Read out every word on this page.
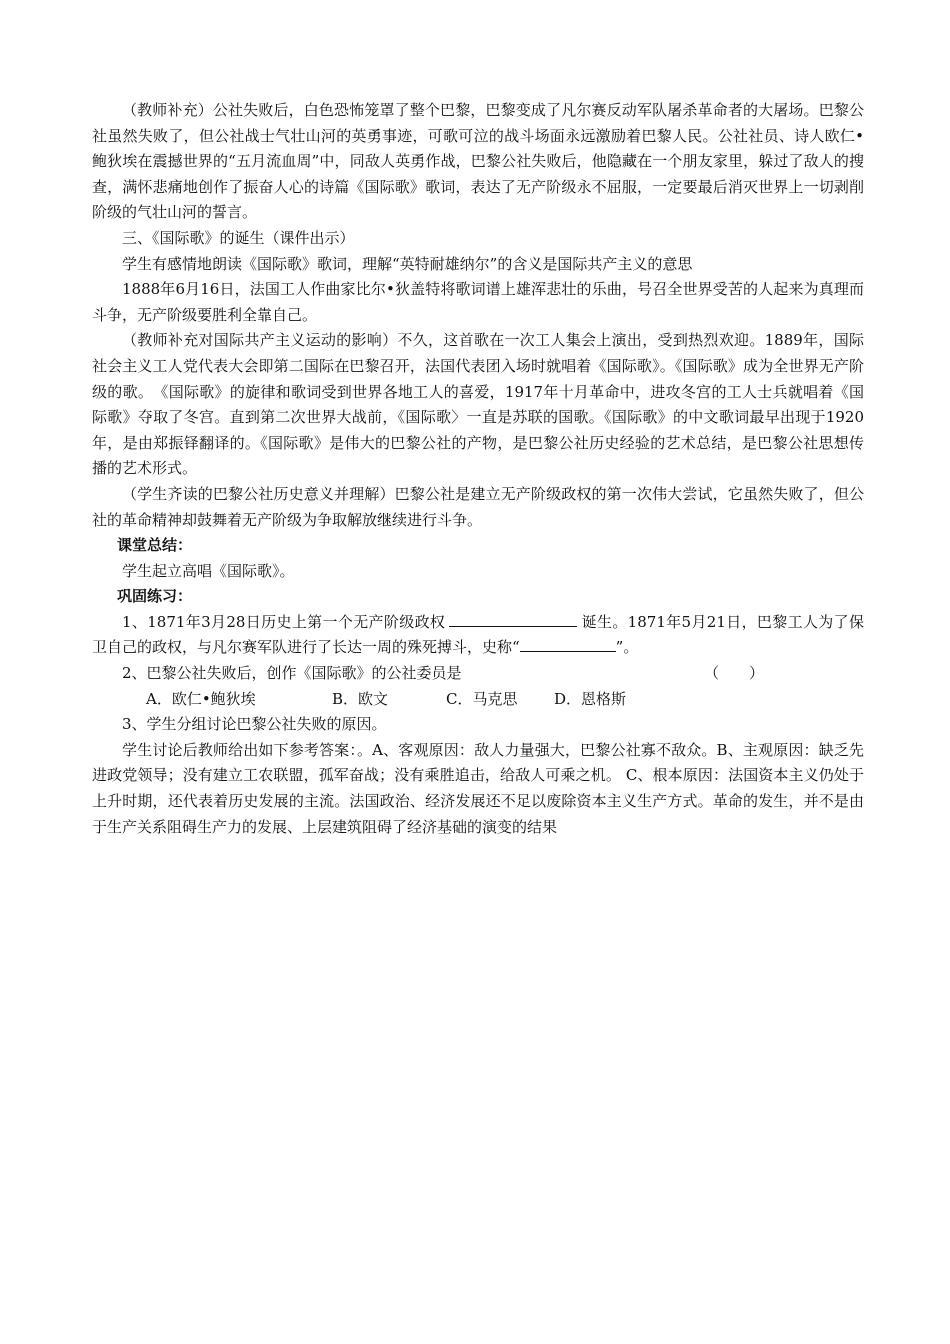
（教师补充）公社失败后，白色恐怖笼罩了整个巴黎，巴黎变成了凡尔赛反动军队屠杀革命者的大屠场。巴黎公社虽然失败了，但公社战士气壮山河的英勇事迹，可歌可泣的战斗场面永远激励着巴黎人民。公社社员、诗人欧仁•鲍狄埃在震撼世界的“五月流血周”中，同敌人英勇作战，巴黎公社失败后，他隐藏在一个朋友家里，躲过了敌人的搜查，满怀悲痛地创作了振奋人心的诗篇《国际歌》歌词，表达了无产阶级永不屈服，一定要最后消灭世界上一切剥削阶级的气壮山河的誓言。

三、《国际歌》的诞生（课件出示）

学生有感情地朗读《国际歌》歌词，理解“英特耐雄纳尔”的含义是国际共产主义的意思

1888年6月16日，法国工人作曲家比尔•狄盖特将歌词谱上雄浑悲壮的乐曲，号召全世界受苦的人起来为真理而斗争，无产阶级要胜利全靠自己。

（教师补充对国际共产主义运动的影响）不久，这首歌在一次工人集会上演出，受到热烈欢迎。1889年，国际社会主义工人党代表大会即第二国际在巴黎召开，法国代表团入场时就唱着《国际歌》。《国际歌》成为全世界无产阶级的歌。　《国际歌》的旋律和歌词受到世界各地工人的喜爱，1917年十月革命中，进攻冬宫的工人士兵就唱着《国际歌》夺取了冬宫。直到第二次世界大战前，《国际歌〉一直是苏联的国歌。《国际歌》的中文歌词最早出现于1920年，是由郑振铎翻译的。《国际歌》是伟大的巴黎公社的产物，是巴黎公社历史经验的艺术总结，是巴黎公社思想传播的艺术形式。

（学生齐读的巴黎公社历史意义并理解）巴黎公社是建立无产阶级政权的第一次伟大尝试，它虽然失败了，但公社的革命精神却鼓舞着无产阶级为争取解放继续进行斗争。

课堂总结：

学生起立高唱《国际歌》。

巩固练习：

1、1871年3月28日历史上第一个无产阶级政权	诞生。1871年5月21日，巴黎工人为了保卫自己的政权，与凡尔赛军队进行了长达一周的殊死搏斗，史称“	”。

2、巴黎公社失败后，创作《国际歌》的公社委员是	（　　）

A．欧仁•鲍狄埃	B．欧文	C．马克思 D．恩格斯

3、学生分组讨论巴黎公社失败的原因。

学生讨论后教师给出如下参考答案：。A、客观原因：敌人力量强大，巴黎公社寡不敌众。B、主观原因：缺乏先进政党领导；没有建立工农联盟，孤军奋战；没有乘胜追击，给敌人可乘之机。 C、根本原因：法国资本主义仍处于上升时期，还代表着历史发展的主流。法国政治、经济发展还不足以废除资本主义生产方式。革命的发生，并不是由于生产关系阻碍生产力的发展、上层建筑阻碍了经济基础的演变的结果
